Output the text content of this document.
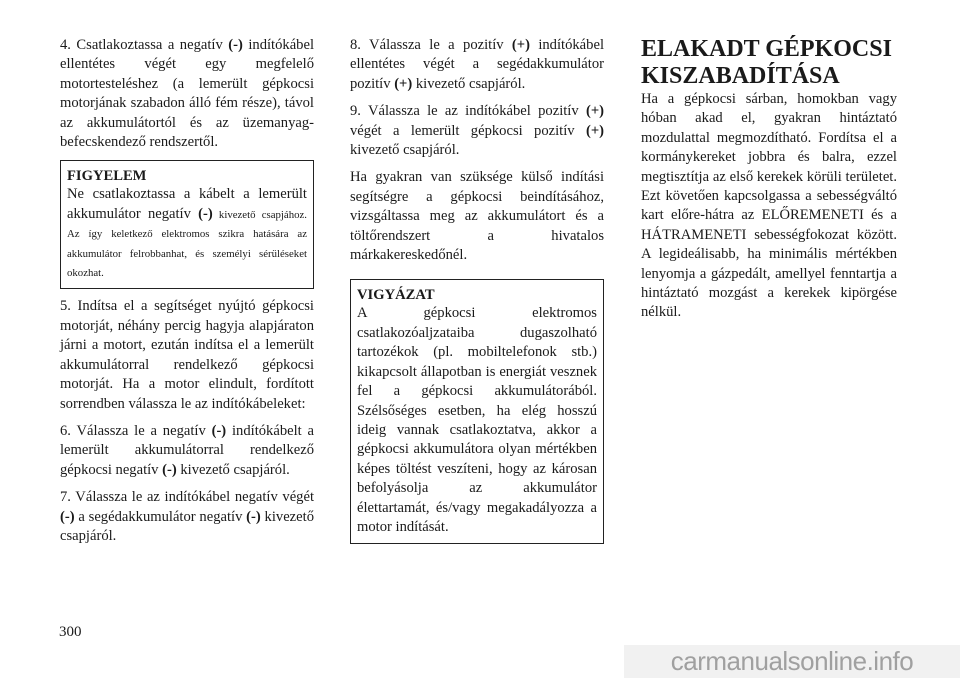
4. Csatlakoztassa a negatív (-) indítókábel ellentétes végét egy megfelelő motortesteléshez (a lemerült gépkocsi motorjának szabadon álló fém része), távol az akkumulátortól és az üzemanyag-befecskendező rendszertől.

FIGYELEM
Ne csatlakoztassa a kábelt a lemerült akkumulátor negatív (-) kivezető csapjához. Az így keletkező elektromos szikra hatására az akkumulátor felrobbanhat, és személyi sérüléseket okozhat.

5. Indítsa el a segítséget nyújtó gépkocsi motorját, néhány percig hagyja alapjáraton járni a motort, ezután indítsa el a lemerült akkumulátorral rendelkező gépkocsi motorját. Ha a motor elindult, fordított sorrendben válassza le az indítókábeleket:

6. Válassza le a negatív (-) indítókábelt a lemerült akkumulátorral rendelkező gépkocsi negatív (-) kivezető csapjáról.

7. Válassza le az indítókábel negatív végét (-) a segédakkumulátor negatív (-) kivezető csapjáról.

8. Válassza le a pozitív (+) indítókábel ellentétes végét a segédakkumulátor pozitív (+) kivezető csapjáról.

9. Válassza le az indítókábel pozitív (+) végét a lemerült gépkocsi pozitív (+) kivezető csapjáról.

Ha gyakran van szüksége külső indítási segítségre a gépkocsi beindításához, vizsgáltassa meg az akkumulátort és a töltőrendszert a hivatalos márkakereskedőnél.

VIGYÁZAT
A gépkocsi elektromos csatlakozóaljzataiba dugaszolható tartozékok (pl. mobiltelefonok stb.) kikapcsolt állapotban is energiát vesznek fel a gépkocsi akkumulátorából. Szélsőséges esetben, ha elég hosszú ideig vannak csatlakoztatva, akkor a gépkocsi akkumulátora olyan mértékben képes töltést veszíteni, hogy az károsan befolyásolja az akkumulátor élettartamát, és/vagy megakadályozza a motor indítását.
ELAKADT GÉPKOCSI
KISZABADÍTÁSA

Ha a gépkocsi sárban, homokban vagy hóban akad el, gyakran hintáztató mozdulattal megmozdítható. Fordítsa el a kormánykereket jobbra és balra, ezzel megtisztítja az első kerekek körüli területet. Ezt követően kapcsolgassa a sebességváltó kart előre-hátra az ELŐREMENETI és a HÁTRAMENETI sebességfokozat között. A legideálisabb, ha minimális mértékben lenyomja a gázpedált, amellyel fenntartja a hintáztató mozgást a kerekek kipörgése nélkül.

300
carmanualsonline.info
